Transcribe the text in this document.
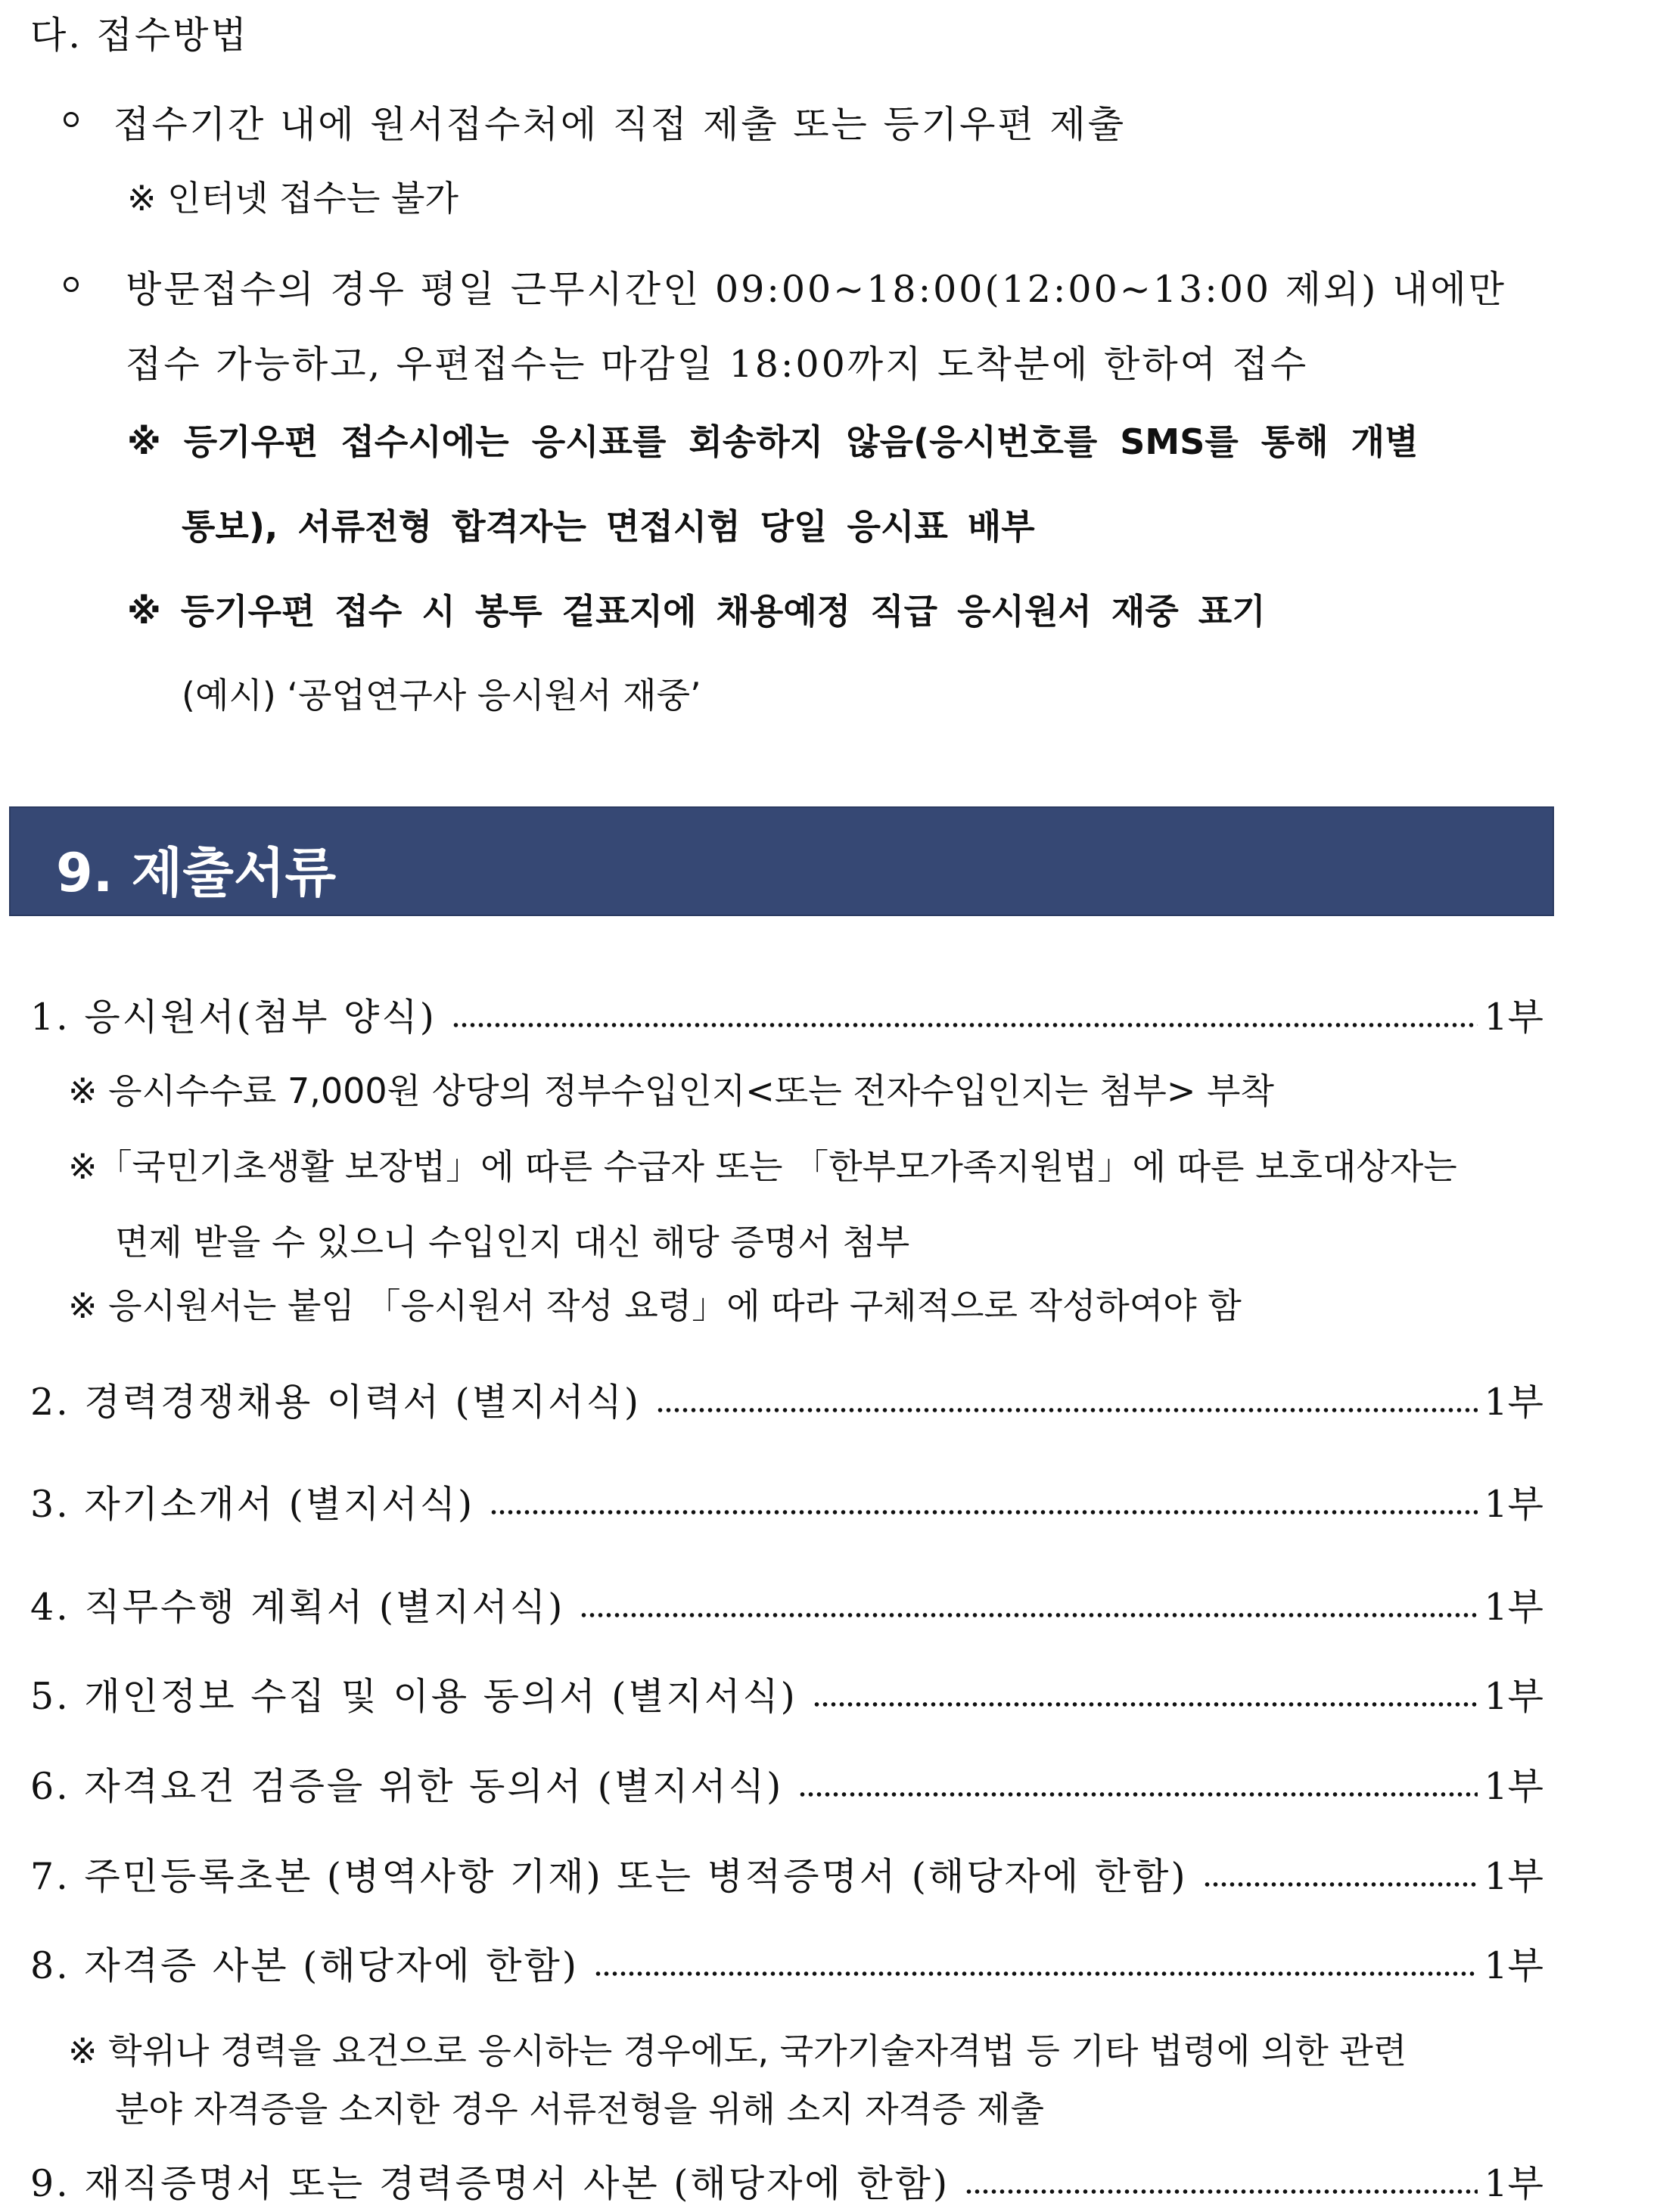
다. 접수방법
접수기간 내에 원서접수처에 직접 제출 또는 등기우편 제출
※ 인터넷 접수는 불가
방문접수의 경우 평일 근무시간인 09:00~18:00(12:00~13:00 제외) 내에만
접수 가능하고, 우편접수는 마감일 18:00까지 도착분에 한하여 접수
※ 등기우편 접수시에는 응시표를 회송하지 않음(응시번호를 SMS를 통해 개별
통보), 서류전형 합격자는 면접시험 당일 응시표 배부
※ 등기우편 접수 시 봉투 겉표지에 채용예정 직급 응시원서 재중 표기
(예시) ‘공업연구사 응시원서 재중’
9. 제출서류
1. 응시원서(첨부 양식)	1부
※ 응시수수료 7,000원 상당의 정부수입인지<또는 전자수입인지는 첨부> 부착
※「국민기초생활 보장법」에 따른 수급자 또는 「한부모가족지원법」에 따른 보호대상자는
면제 받을 수 있으니 수입인지 대신 해당 증명서 첨부
※ 응시원서는 붙임 「응시원서 작성 요령」에 따라 구체적으로 작성하여야 함
2. 경력경쟁채용 이력서 (별지서식)	1부
3. 자기소개서 (별지서식)	1부
4. 직무수행 계획서 (별지서식)	1부
5. 개인정보 수집 및 이용 동의서 (별지서식)	1부
6. 자격요건 검증을 위한 동의서 (별지서식)	1부
7. 주민등록초본 (병역사항 기재) 또는 병적증명서 (해당자에 한함)	1부
8. 자격증 사본 (해당자에 한함)	1부
※ 학위나 경력을 요건으로 응시하는 경우에도, 국가기술자격법 등 기타 법령에 의한 관련
분야 자격증을 소지한 경우 서류전형을 위해 소지 자격증 제출
9. 재직증명서 또는 경력증명서 사본 (해당자에 한함)	1부
